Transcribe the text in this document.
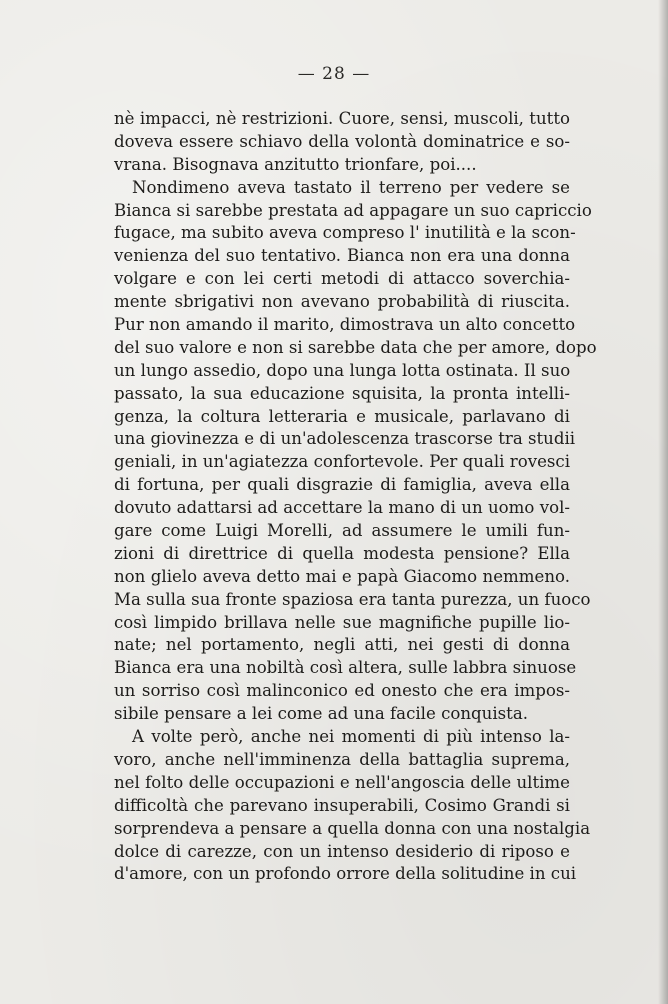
— 28 —
nè impacci, nè restrizioni. Cuore, sensi, muscoli, tutto
doveva essere schiavo della volontà dominatrice e so-
vrana. Bisognava anzitutto trionfare, poi....
Nondimeno aveva tastato il terreno per vedere se
Bianca si sarebbe prestata ad appagare un suo capriccio
fugace, ma subito aveva compreso l' inutilità e la scon-
venienza del suo tentativo. Bianca non era una donna
volgare e con lei certi metodi di attacco soverchia-
mente sbrigativi non avevano probabilità di riuscita.
Pur non amando il marito, dimostrava un alto concetto
del suo valore e non si sarebbe data che per amore, dopo
un lungo assedio, dopo una lunga lotta ostinata. Il suo
passato, la sua educazione squisita, la pronta intelli-
genza, la coltura letteraria e musicale, parlavano di
una giovinezza e di un'adolescenza trascorse tra studii
geniali, in un'agiatezza confortevole. Per quali rovesci
di fortuna, per quali disgrazie di famiglia, aveva ella
dovuto adattarsi ad accettare la mano di un uomo vol-
gare come Luigi Morelli, ad assumere le umili fun-
zioni di direttrice di quella modesta pensione? Ella
non glielo aveva detto mai e papà Giacomo nemmeno.
Ma sulla sua fronte spaziosa era tanta purezza, un fuoco
così limpido brillava nelle sue magnifiche pupille lio-
nate; nel portamento, negli atti, nei gesti di donna
Bianca era una nobiltà così altera, sulle labbra sinuose
un sorriso così malinconico ed onesto che era impos-
sibile pensare a lei come ad una facile conquista.
A volte però, anche nei momenti di più intenso la-
voro, anche nell'imminenza della battaglia suprema,
nel folto delle occupazioni e nell'angoscia delle ultime
difficoltà che parevano insuperabili, Cosimo Grandi si
sorprendeva a pensare a quella donna con una nostalgia
dolce di carezze, con un intenso desiderio di riposo e
d'amore, con un profondo orrore della solitudine in cui
